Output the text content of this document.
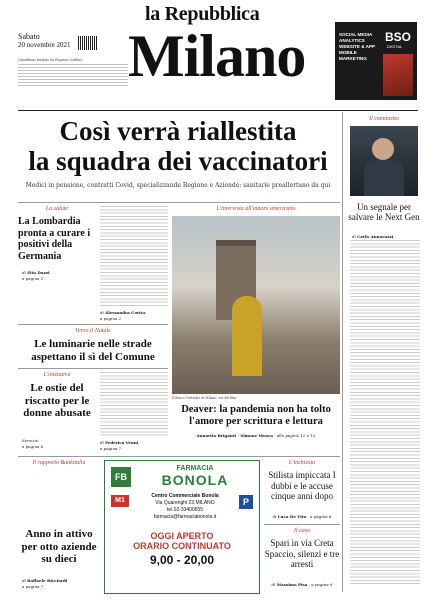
la Repubblica
Sabato
20 novembre 2021
Quotidiano fondato da Eugenio Scalfari Milano	SOCIAL MEDIA ANALYTICS WEBSITE & APP MOBILE MARKETING
BSO
DIGITAL
Così verrà riallestita
la squadra dei vaccinatori
Medici in pensione, contratti Covid, specializzande Regione e Aziende: sanitarie preallertano da qui
Il commento
Un segnale per salvare le Next Gen
di Carlo Annovazzi
La salute
La Lombardia pronta a curare i positivi della Germania
di Zita Dazzi
a pagina 2
di Alessandra Corica
a pagina 2
L'intervista all'autore americano
Il Bosco Verticale di Milano, set del film
Deaver: la pandemia non ha tolto l'amore per scrittura e lettura
Annarita Briganti · Simone Mosca · alle pagine 12 e 13
Verso il Natale
Le luminarie nelle strade aspettano il sì del Comune
L'iniziativa
Le ostie del riscatto per le donne abusate
Servizio
a pagina 6
di Federica Venni
a pagina 7
Il rapporto Bankitalia
Anno in attivo per otto aziende su dieci
di Raffaele Ricciardi
a pagina 7
FB
FARMACIA
BONOLA
M1
Centro Commerciale Bonola
Via Quarenghi 23 MILANO
tel 02-33400655
farmacia@farmaciabonola.it
P
OGGI APERTO
ORARIO CONTINUATO
9,00 - 20,00
L'inchiesta
Stilista impiccata I dubbi e le accuse cinque anni dopo
di Luca De Vito · a pagina 8
Il caso
Spari in via Creta Spaccio, silenzi e tre arresti
di Massimo Pisa · a pagina 9
